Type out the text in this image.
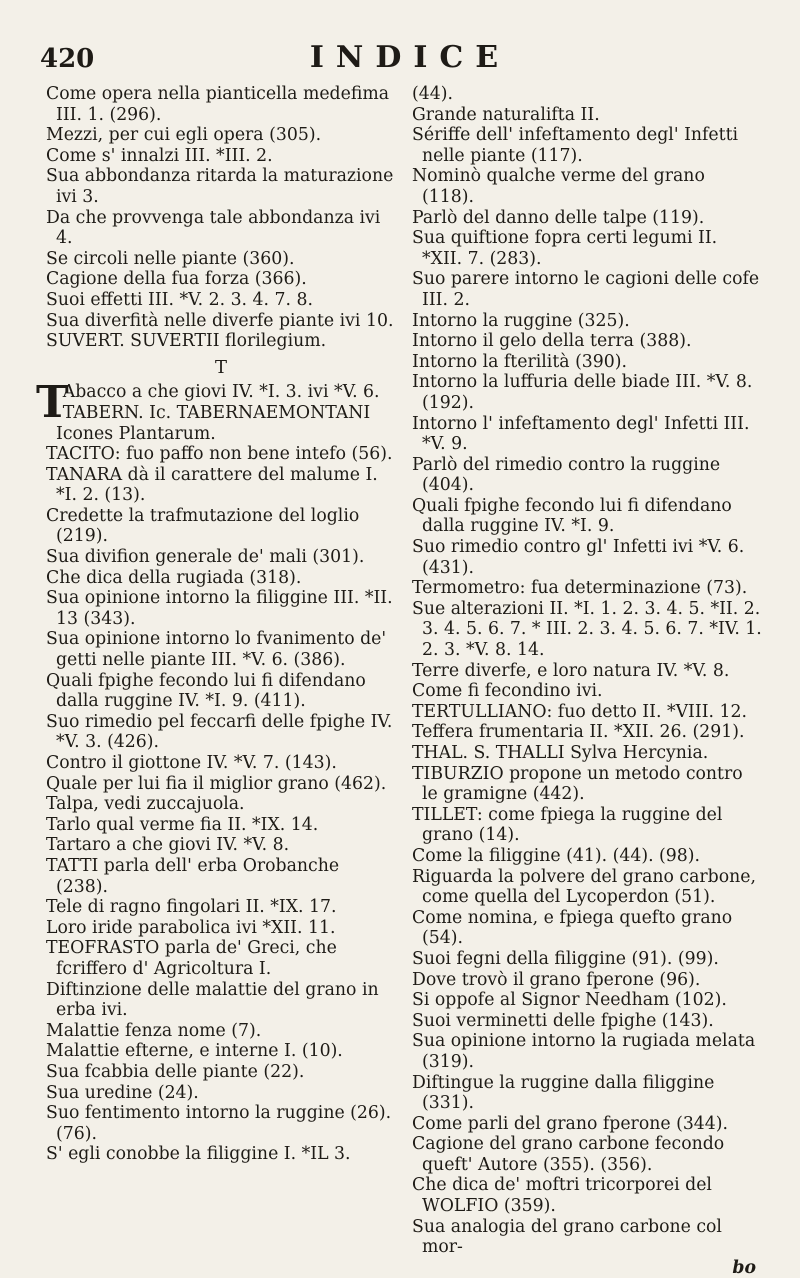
420	INDICE

Come opera nella pianticella medefima III. 1. (296).

Mezzi, per cui egli opera (305).

Come s' innalzi III. *III. 2.

Sua abbondanza ritarda la maturazione ivi 3.

Da che provvenga tale abbondanza ivi 4.

Se circoli nelle piante (360).

Cagione della fua forza (366).

Suoi effetti III. *V. 2. 3. 4. 7. 8.

Sua diverfità nelle diverfe piante ivi 10.

SUVERT. SUVERTII florilegium.

T
T

Abacco a che giovi IV. *I. 3. ivi *V. 6.

TABERN. Ic. TABERNAEMONTANI Icones Plantarum.

TACITO: fuo paffo non bene intefo (56).

TANARA dà il carattere del malume I. *I. 2. (13).

Credette la trafmutazione del loglio (219).

Sua divifion generale de' mali (301).

Che dica della rugiada (318).

Sua opinione intorno la filiggine III. *II. 13 (343).

Sua opinione intorno lo fvanimento de' getti nelle piante III. *V. 6. (386).

Quali fpighe fecondo lui fi difendano dalla ruggine IV. *I. 9. (411).

Suo rimedio pel feccarfi delle fpighe IV. *V. 3. (426).

Contro il giottone IV. *V. 7. (143).

Quale per lui fia il miglior grano (462).

Talpa, vedi zuccajuola.

Tarlo qual verme fia II. *IX. 14.

Tartaro a che giovi IV. *V. 8.

TATTI parla dell' erba Orobanche (238).

Tele di ragno fingolari II. *IX. 17.

Loro iride parabolica ivi *XII. 11.

TEOFRASTO parla de' Greci, che fcriffero d' Agricoltura I.

Diftinzione delle malattie del grano in erba ivi.

Malattie fenza nome (7).

Malattie efterne, e interne I. (10).

Sua fcabbia delle piante (22).

Sua uredine (24).

Suo fentimento intorno la ruggine (26). (76).

S' egli conobbe la filiggine I. *IL 3.

(44).

Grande naturalifta II.

Sériffe dell' infeftamento degl' Infetti nelle piante (117).

Nominò qualche verme del grano (118).

Parlò del danno delle talpe (119).

Sua quiftione fopra certi legumi II. *XII. 7. (283).

Suo parere intorno le cagioni delle cofe III. 2.

Intorno la ruggine (325).

Intorno il gelo della terra (388).

Intorno la fterilità (390).

Intorno la luffuria delle biade III. *V. 8. (192).

Intorno l' infeftamento degl' Infetti III. *V. 9.

Parlò del rimedio contro la ruggine (404).

Quali fpighe fecondo lui fi difendano dalla ruggine IV. *I. 9.

Suo rimedio contro gl' Infetti ivi *V. 6. (431).

Termometro: fua determinazione (73).

Sue alterazioni II. *I. 1. 2. 3. 4. 5. *II. 2. 3. 4. 5. 6. 7. * III. 2. 3. 4. 5. 6. 7. *IV. 1. 2. 3. *V. 8. 14.

Terre diverfe, e loro natura IV. *V. 8.

Come fi fecondino ivi.

TERTULLIANO: fuo detto II. *VIII. 12.

Teffera frumentaria II. *XII. 26. (291).

THAL. S. THALLI Sylva Hercynia.

TIBURZIO propone un metodo contro le gramigne (442).

TILLET: come fpiega la ruggine del grano (14).

Come la filiggine (41). (44). (98).

Riguarda la polvere del grano carbone, come quella del Lycoperdon (51).

Come nomina, e fpiega quefto grano (54).

Suoi fegni della filiggine (91). (99).

Dove trovò il grano fperone (96).

Si oppofe al Signor Needham (102).

Suoi verminetti delle fpighe (143).

Sua opinione intorno la rugiada melata (319).

Diftingue la ruggine dalla filiggine (331).

Come parli del grano fperone (344).

Cagione del grano carbone fecondo queft' Autore (355). (356).

Che dica de' moftri tricorporei del WOLFIO (359).

Sua analogia del grano carbone col mor-

bo
